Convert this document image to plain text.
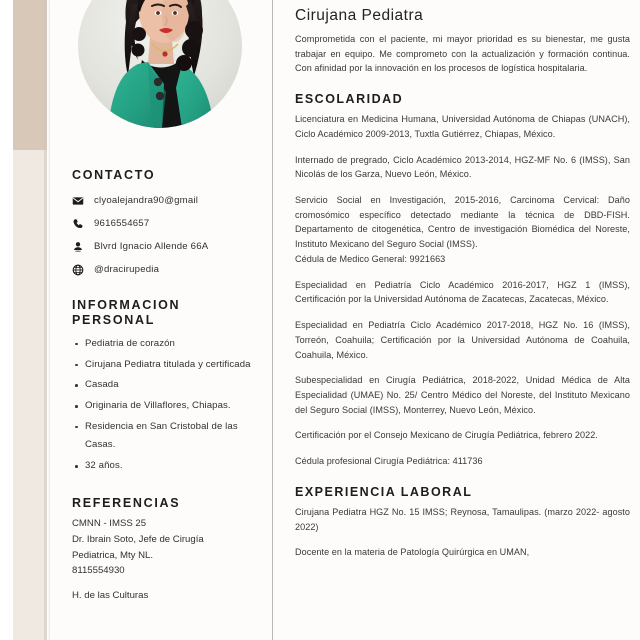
CONTACTO
clyoalejandra90@gmail
9616554657
Blvrd Ignacio Allende 66A
@dracirupedia
INFORMACION PERSONAL
Pediatria de corazón
Cirujana Pediatra titulada y certificada
Casada
Originaria de Villaflores, Chiapas.
Residencia en San Cristobal de las Casas.
32 años.
REFERENCIAS

CMNN - IMSS 25

Dr. Ibrain Soto, Jefe de Cirugía

Pediatrica, Mty NL.

8115554930

H. de las Culturas

Cirujana Pediatra

Comprometida con el paciente, mi mayor prioridad es su bienestar, me gusta trabajar en equipo. Me comprometo con la actualización y formación continua. Con afinidad por la innovación en los procesos de logística hospitalaria.

ESCOLARIDAD

Licenciatura en Medicina Humana, Universidad Autónoma de Chiapas (UNACH), Ciclo Académico 2009-2013, Tuxtla Gutiérrez, Chiapas, México.

Internado de pregrado, Ciclo Académico 2013-2014, HGZ-MF No. 6 (IMSS), San Nicolás de los Garza, Nuevo León, México.

Servicio Social en Investigación, 2015-2016, Carcinoma Cervical: Daño cromosómico específico detectado mediante la técnica de DBD-FISH. Departamento de citogenética, Centro de investigación Biomédica del Noreste, Instituto Mexicano del Seguro Social (IMSS).

Cédula de Medico General: 9921663

Especialidad en Pediatría Ciclo Académico 2016-2017, HGZ 1 (IMSS), Certificación por la Universidad Autónoma de Zacatecas, Zacatecas, México.

Especialidad en Pediatría Ciclo Académico 2017-2018, HGZ No. 16 (IMSS), Torreón, Coahuila; Certificación por la Universidad Autónoma de Coahuila, Coahuila, México.

Subespecialidad en Cirugía Pediátrica, 2018-2022, Unidad Médica de Alta Especialidad (UMAE) No. 25/ Centro Médico del Noreste, del Instituto Mexicano del Seguro Social (IMSS), Monterrey, Nuevo León, México.

Certificación por el Consejo Mexicano de Cirugía Pediátrica, febrero 2022.

Cédula profesional Cirugía Pediátrica: 411736

EXPERIENCIA LABORAL

Cirujana Pediatra HGZ No. 15 IMSS; Reynosa, Tamaulipas. (marzo 2022- agosto 2022)

Docente en la materia de Patología Quirúrgica en UMAN,
